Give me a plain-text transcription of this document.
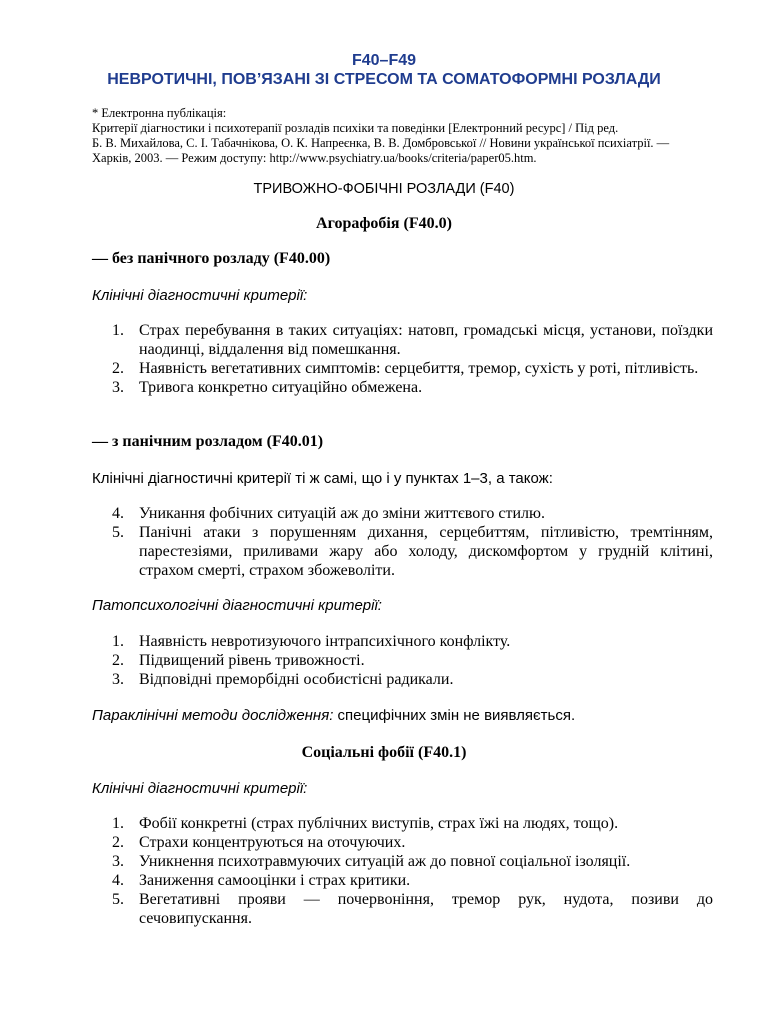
F40–F49
НЕВРОТИЧНІ, ПОВ’ЯЗАНІ ЗІ СТРЕСОМ ТА СОМАТОФОРМНІ РОЗЛАДИ
* Електронна публікація:
Критерії діагностики і психотерапії розладів психіки та поведінки [Електронний ресурс] / Під ред.
Б. В. Михайлова, С. І. Табачнікова, О. К. Напреєнка, В. В. Домбровської // Новини української психіатрії. —
Харків, 2003. — Режим доступу: http://www.psychiatry.ua/books/criteria/paper05.htm.
ТРИВОЖНО-ФОБІЧНІ РОЗЛАДИ (F40)
Агорафобія (F40.0)
— без панічного розладу (F40.00)
Клінічні діагностичні критерії:
1. Страх перебування в таких ситуаціях: натовп, громадські місця, установи, поїздки наодинці, віддалення від помешкання.
2. Наявність вегетативних симптомів: серцебиття, тремор, сухість у роті, пітливість.
3. Тривога конкретно ситуаційно обмежена.
— з панічним розладом (F40.01)
Клінічні діагностичні критерії ті ж самі, що і у пунктах 1–3, а також:
4. Уникання фобічних ситуацій аж до зміни життєвого стилю.
5. Панічні атаки з порушенням дихання, серцебиттям, пітливістю, тремтінням, парестезіями, приливами жару або холоду, дискомфортом у грудній клітині, страхом смерті, страхом збожеволіти.
Патопсихологічні діагностичні критерії:
1. Наявність невротизуючого інтрапсихічного конфлікту.
2. Підвищений рівень тривожності.
3. Відповідні преморбідні особистісні радикали.
Параклінічні методи дослідження: специфічних змін не виявляється.
Соціальні фобії (F40.1)
Клінічні діагностичні критерії:
1. Фобії конкретні (страх публічних виступів, страх їжі на людях, тощо).
2. Страхи концентруються на оточуючих.
3. Уникнення психотравмуючих ситуацій аж до повної соціальної ізоляції.
4. Заниження самооцінки і страх критики.
5. Вегетативні прояви — почервоніння, тремор рук, нудота, позиви до сечовипускання.
